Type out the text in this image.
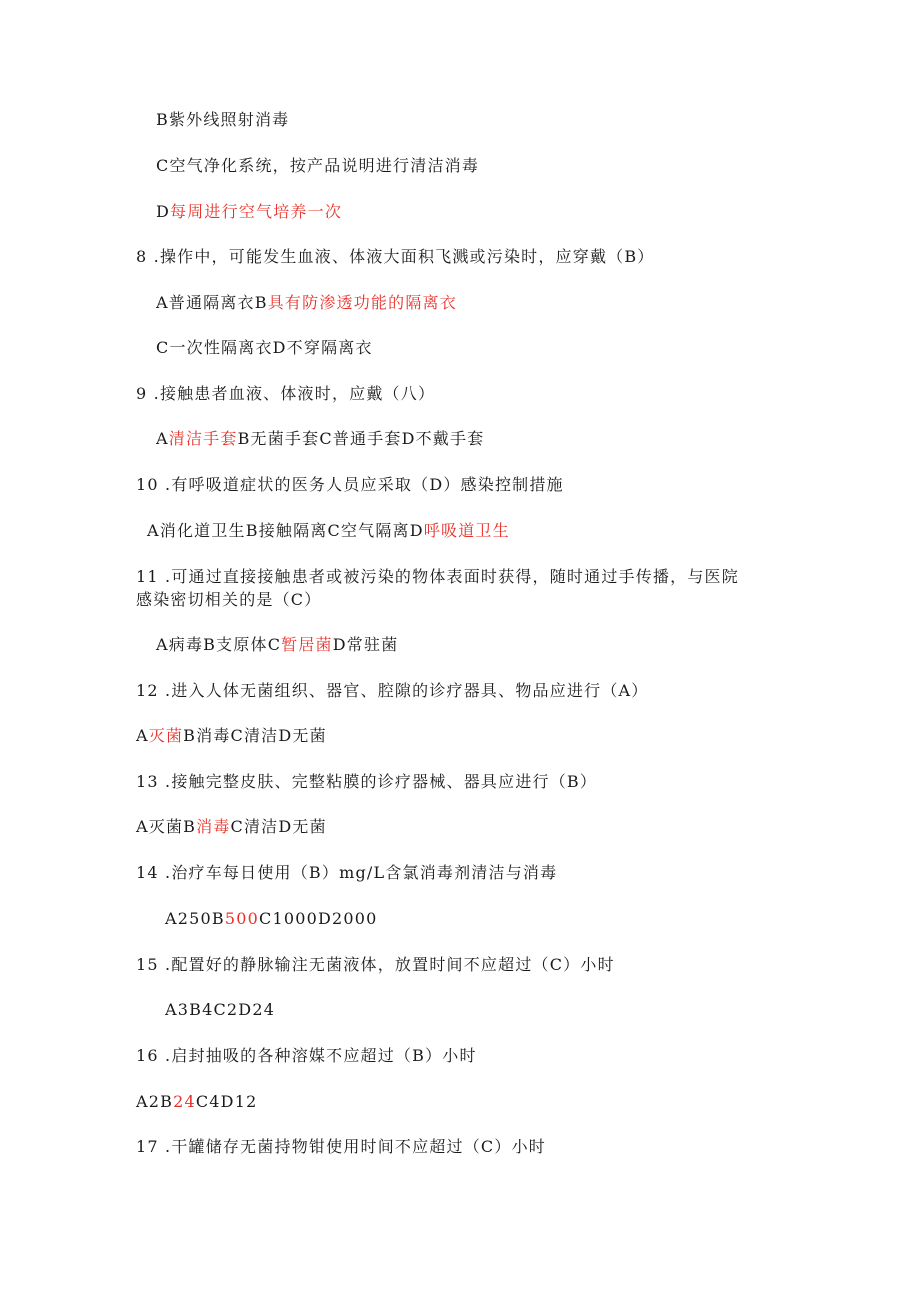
B紫外线照射消毒
C空气净化系统，按产品说明进行清洁消毒
D每周进行空气培养一次
8 .操作中，可能发生血液、体液大面积飞溅或污染时，应穿戴（B）
A普通隔离衣B具有防渗透功能的隔离衣
C一次性隔离衣D不穿隔离衣
9 .接触患者血液、体液时，应戴（八）
A清洁手套B无菌手套C普通手套D不戴手套
10 .有呼吸道症状的医务人员应采取（D）感染控制措施
A消化道卫生B接触隔离C空气隔离D呼吸道卫生
11 .可通过直接接触患者或被污染的物体表面时获得，随时通过手传播，与医院
感染密切相关的是（C）
A病毒B支原体C暂居菌D常驻菌
12 .进入人体无菌组织、器官、腔隙的诊疗器具、物品应进行（A）
A灭菌B消毒C清洁D无菌
13 .接触完整皮肤、完整粘膜的诊疗器械、器具应进行（B）
A灭菌B消毒C清洁D无菌
14 .治疗车每日使用（B）mg/L含氯消毒剂清洁与消毒
A250B500C1000D2000
15 .配置好的静脉输注无菌液体，放置时间不应超过（C）小时
A3B4C2D24
16 .启封抽吸的各种溶媒不应超过（B）小时
A2B24C4D12
17 .干罐储存无菌持物钳使用时间不应超过（C）小时
